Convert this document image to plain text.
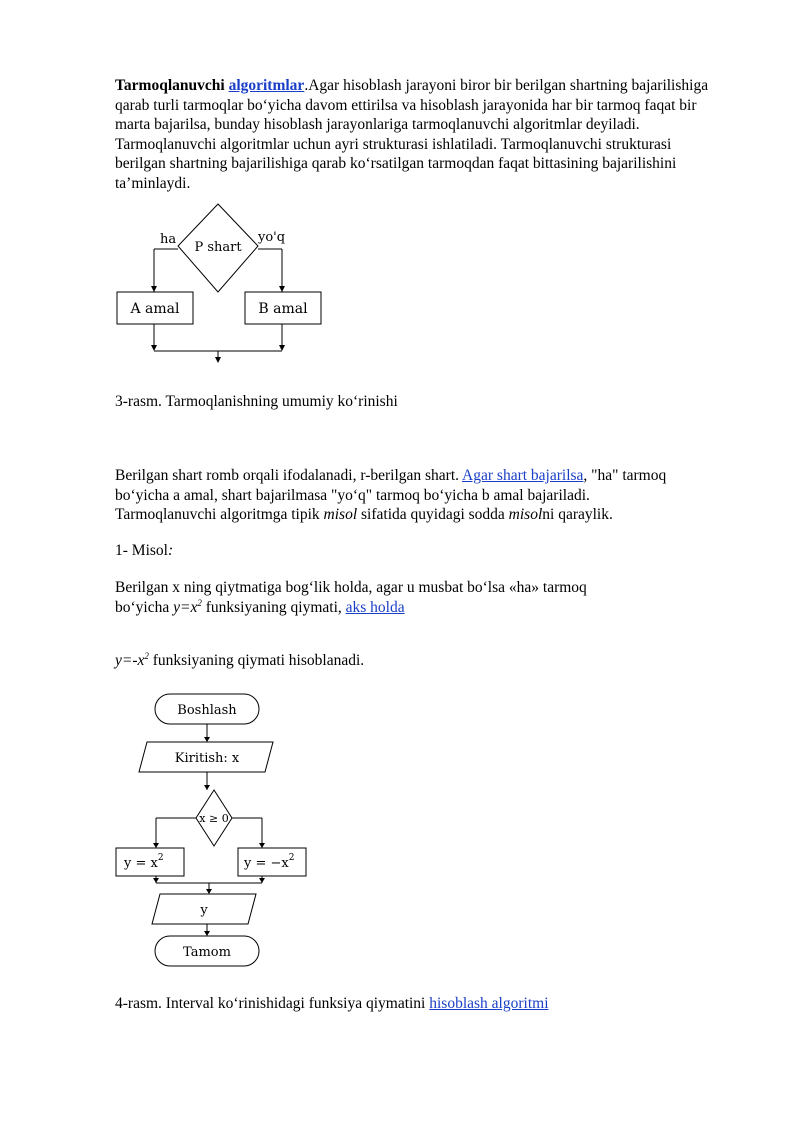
Tarmoqlanuvchi algoritmlar.Agar hisoblash jarayoni biror bir berilgan shartning bajarilishiga
qarab turli tarmoqlar bo‘yicha davom ettirilsa va hisoblash jarayonida har bir tarmoq faqat bir
marta bajarilsa, bunday hisoblash jarayonlariga tarmoqlanuvchi algoritmlar deyiladi.
Tarmoqlanuvchi algoritmlar uchun ayri strukturasi ishlatiladi. Tarmoqlanuvchi strukturasi
berilgan shartning bajarilishiga qarab ko‘rsatilgan tarmoqdan faqat bittasining bajarilishini
ta’minlaydi.
P shart
ha	yo'q
A amal	B amal
3-rasm. Tarmoqlanishning umumiy ko‘rinishi
Berilgan shart romb orqali ifodalanadi, r-berilgan shart. Agar shart bajarilsa, "ha" tarmoq
bo‘yicha a amal, shart bajarilmasa "yo‘q" tarmoq bo‘yicha b amal bajariladi.
Tarmoqlanuvchi algoritmga tipik misol sifatida quyidagi sodda misolni qaraylik.
1- Misol:
Berilgan x ning qiytmatiga bog‘lik holda, agar u musbat bo‘lsa «ha» tarmoq
bo‘yicha $y=x^2$ funksiyaning qiymati, aks holda
$y=-x^2$ funksiyaning qiymati hisoblanadi.
Boshlash
Kiritish: x
x ≥ 0
$y = x^2$	$y = -x^2$
y
Tamom
4-rasm. Interval ko‘rinishidagi funksiya qiymatini hisoblash algoritmi
